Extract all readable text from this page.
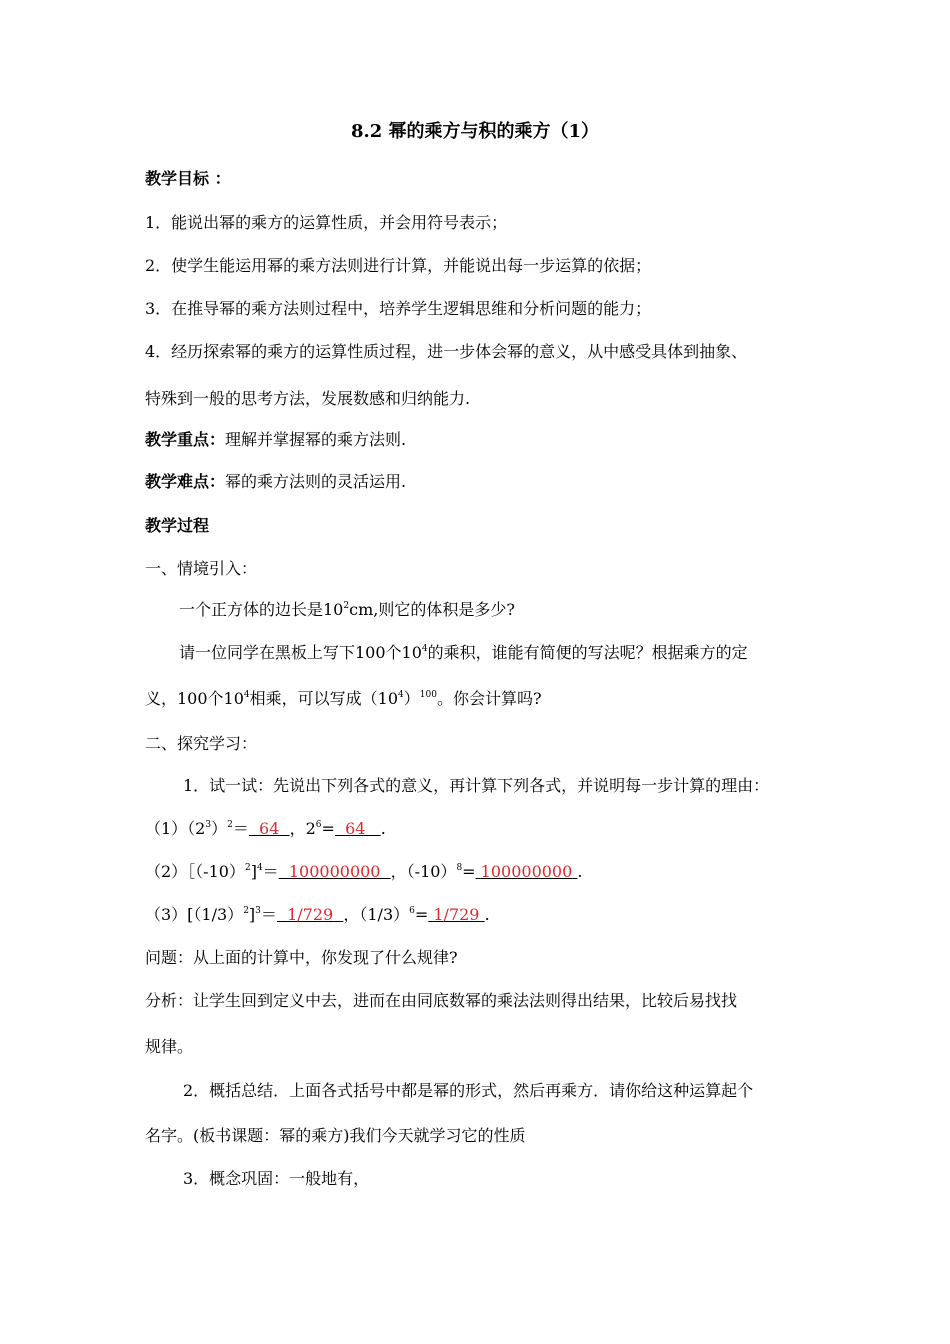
8.2 幂的乘方与积的乘方（1）
教学目标 ：
1．能说出幂的乘方的运算性质，并会用符号表示；
2．使学生能运用幂的乘方法则进行计算，并能说出每一步运算的依据；
3．在推导幂的乘方法则过程中，培养学生逻辑思维和分析问题的能力；
4．经历探索幂的乘方的运算性质过程，进一步体会幂的意义，从中感受具体到抽象、
特殊到一般的思考方法，发展数感和归纳能力.
教学重点：理解并掌握幂的乘方法则.
教学难点：幂的乘方法则的灵活运用.
教学过程
一、情境引入：
一个正方体的边长是$10^2cm$,则它的体积是多少?
请一位同学在黑板上写下100个$10^4$的乘积，谁能有简便的写法呢？根据乘方的定
义，100个$10^4$相乘，可以写成$(10^4)^{100}$。你会计算吗?
二、探究学习：
1．试一试：先说出下列各式的意义，再计算下列各式，并说明每一步计算的理由：
$(1)(2^3)^2= 64$ ，$2^6= 64$ .
$(2)[(-10)^2]^4= 100000000$ ，$(-10)^8= 100000000$ .
$(3)[(1/3)^2]^3= 1/729$ ，$(1/3)^6= 1/729$ .
问题：从上面的计算中，你发现了什么规律?
分析：让学生回到定义中去，进而在由同底数幂的乘法法则得出结果，比较后易找找
规律。
2．概括总结．上面各式括号中都是幂的形式，然后再乘方．请你给这种运算起个
名字。(板书课题：幂的乘方)我们今天就学习它的性质
3．概念巩固：一般地有，
